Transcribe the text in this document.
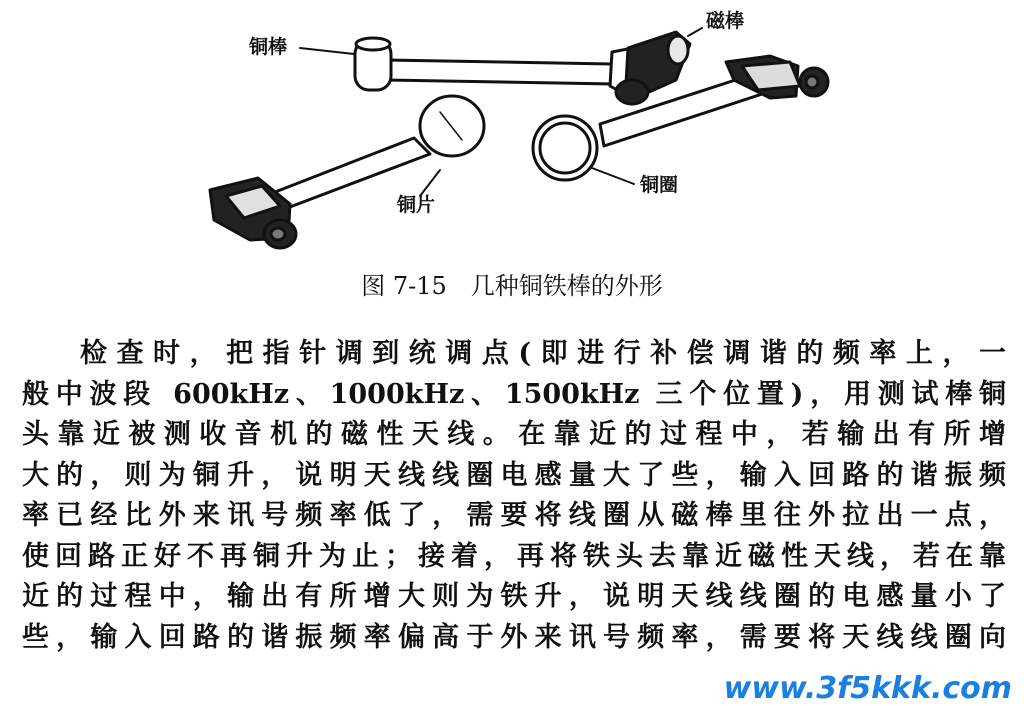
铜棒
磁棒
铜片
铜圈
图 7-15　几种铜铁棒的外形
检查时，把指针调到统调点(即进行补偿调谐的频率上，一
般中波段 600kHz、1000kHz、1500kHz 三个位置)，用测试棒铜
头靠近被测收音机的磁性天线。在靠近的过程中，若输出有所增
大的，则为铜升，说明天线线圈电感量大了些，输入回路的谐振频
率已经比外来讯号频率低了，需要将线圈从磁棒里往外拉出一点，
使回路正好不再铜升为止；接着，再将铁头去靠近磁性天线，若在靠
近的过程中，输出有所增大则为铁升，说明天线线圈的电感量小了
些，输入回路的谐振频率偏高于外来讯号频率，需要将天线线圈向
www.3f5kkk.com
